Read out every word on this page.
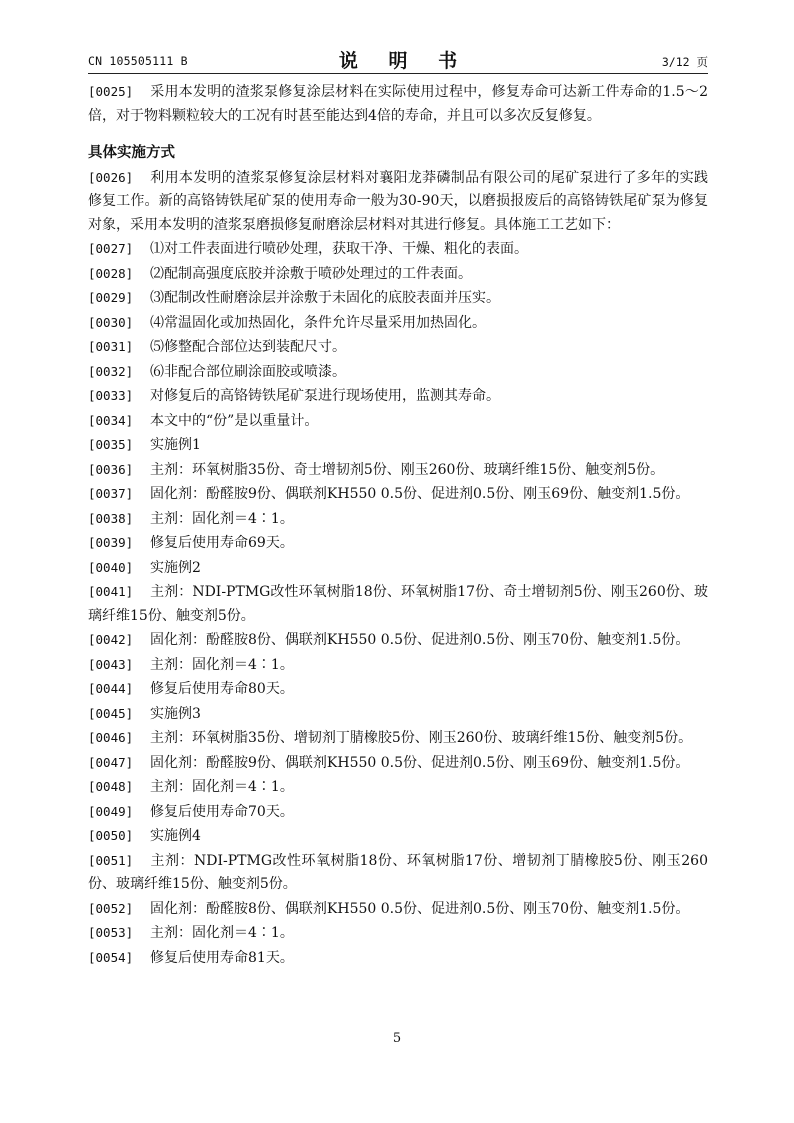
CN 105505111 B	说 明 书	3/12 页

[0025] 采用本发明的渣浆泵修复涂层材料在实际使用过程中，修复寿命可达新工件寿命的1.5～2倍，对于物料颗粒较大的工况有时甚至能达到4倍的寿命，并且可以多次反复修复。

具体实施方式

[0026] 利用本发明的渣浆泵修复涂层材料对襄阳龙莽磷制品有限公司的尾矿泵进行了多年的实践修复工作。新的高铬铸铁尾矿泵的使用寿命一般为30-90天，以磨损报废后的高铬铸铁尾矿泵为修复对象，采用本发明的渣浆泵磨损修复耐磨涂层材料对其进行修复。具体施工工艺如下：

[0027] ⑴对工件表面进行喷砂处理，获取干净、干燥、粗化的表面。

[0028] ⑵配制高强度底胶并涂敷于喷砂处理过的工件表面。

[0029] ⑶配制改性耐磨涂层并涂敷于未固化的底胶表面并压实。

[0030] ⑷常温固化或加热固化，条件允许尽量采用加热固化。

[0031] ⑸修整配合部位达到装配尺寸。

[0032] ⑹非配合部位刷涂面胶或喷漆。

[0033] 对修复后的高铬铸铁尾矿泵进行现场使用，监测其寿命。

[0034] 本文中的“份”是以重量计。

[0035] 实施例1

[0036] 主剂：环氧树脂35份、奇士增韧剂5份、刚玉260份、玻璃纤维15份、触变剂5份。

[0037] 固化剂：酚醛胺9份、偶联剂KH550 0.5份、促进剂0.5份、刚玉69份、触变剂1.5份。

[0038] 主剂：固化剂＝4∶1。

[0039] 修复后使用寿命69天。

[0040] 实施例2

[0041] 主剂：NDI-PTMG改性环氧树脂18份、环氧树脂17份、奇士增韧剂5份、刚玉260份、玻璃纤维15份、触变剂5份。

[0042] 固化剂：酚醛胺8份、偶联剂KH550 0.5份、促进剂0.5份、刚玉70份、触变剂1.5份。

[0043] 主剂：固化剂＝4∶1。

[0044] 修复后使用寿命80天。

[0045] 实施例3

[0046] 主剂：环氧树脂35份、增韧剂丁腈橡胶5份、刚玉260份、玻璃纤维15份、触变剂5份。

[0047] 固化剂：酚醛胺9份、偶联剂KH550 0.5份、促进剂0.5份、刚玉69份、触变剂1.5份。

[0048] 主剂：固化剂＝4∶1。

[0049] 修复后使用寿命70天。

[0050] 实施例4

[0051] 主剂：NDI-PTMG改性环氧树脂18份、环氧树脂17份、增韧剂丁腈橡胶5份、刚玉260份、玻璃纤维15份、触变剂5份。

[0052] 固化剂：酚醛胺8份、偶联剂KH550 0.5份、促进剂0.5份、刚玉70份、触变剂1.5份。

[0053] 主剂：固化剂＝4∶1。

[0054] 修复后使用寿命81天。

5
